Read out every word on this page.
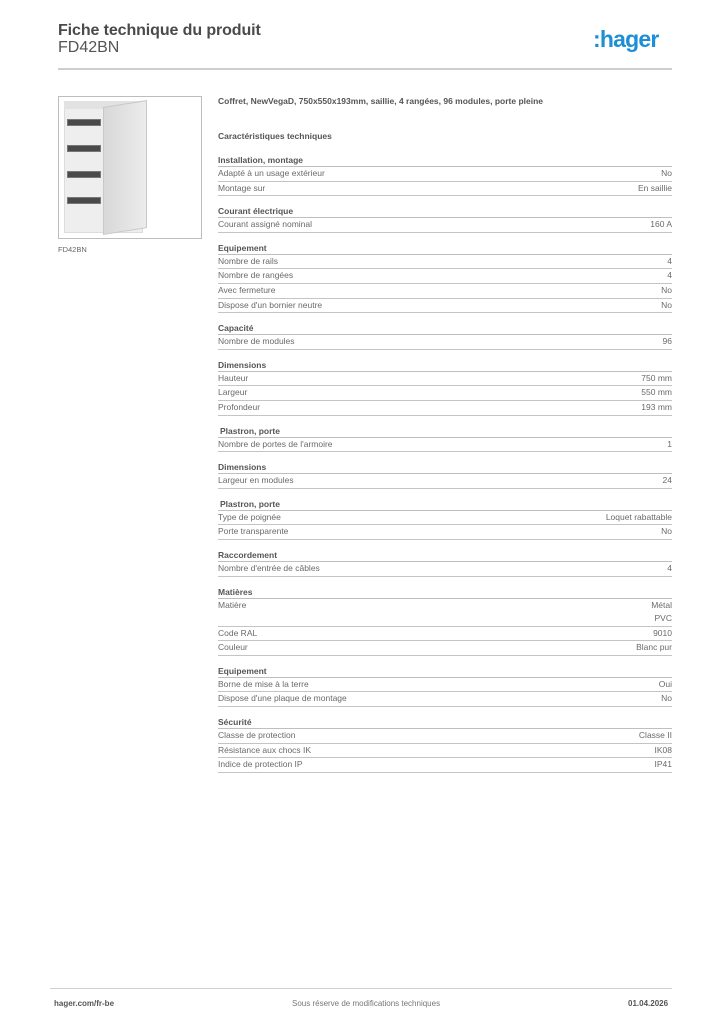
Fiche technique du produit
FD42BN	:hager
FD42BN
Coffret, NewVegaD, 750x550x193mm, saillie, 4 rangées, 96 modules, porte pleine
Caractéristiques techniques
Installation, montage
Adapté à un usage extérieur	No
Montage sur	En saillie
Courant électrique
Courant assigné nominal	160 A
Equipement
Nombre de rails	4
Nombre de rangées	4
Avec fermeture	No
Dispose d'un bornier neutre	No
Capacité
Nombre de modules	96
Dimensions
Hauteur	750 mm
Largeur	550 mm
Profondeur	193 mm
Plastron, porte
Nombre de portes de l'armoire	1
Dimensions
Largeur en modules	24
Plastron, porte
Type de poignée	Loquet rabattable
Porte transparente	No
Raccordement
Nombre d'entrée de câbles	4
Matières
Matière	Métal
PVC
Code RAL	9010
Couleur	Blanc pur
Equipement
Borne de mise à la terre	Oui
Dispose d'une plaque de montage	No
Sécurité
Classe de protection	Classe II
Résistance aux chocs IK	IK08
Indice de protection IP	IP41
hager.com/fr-be	Sous réserve de modifications techniques	01.04.2026
